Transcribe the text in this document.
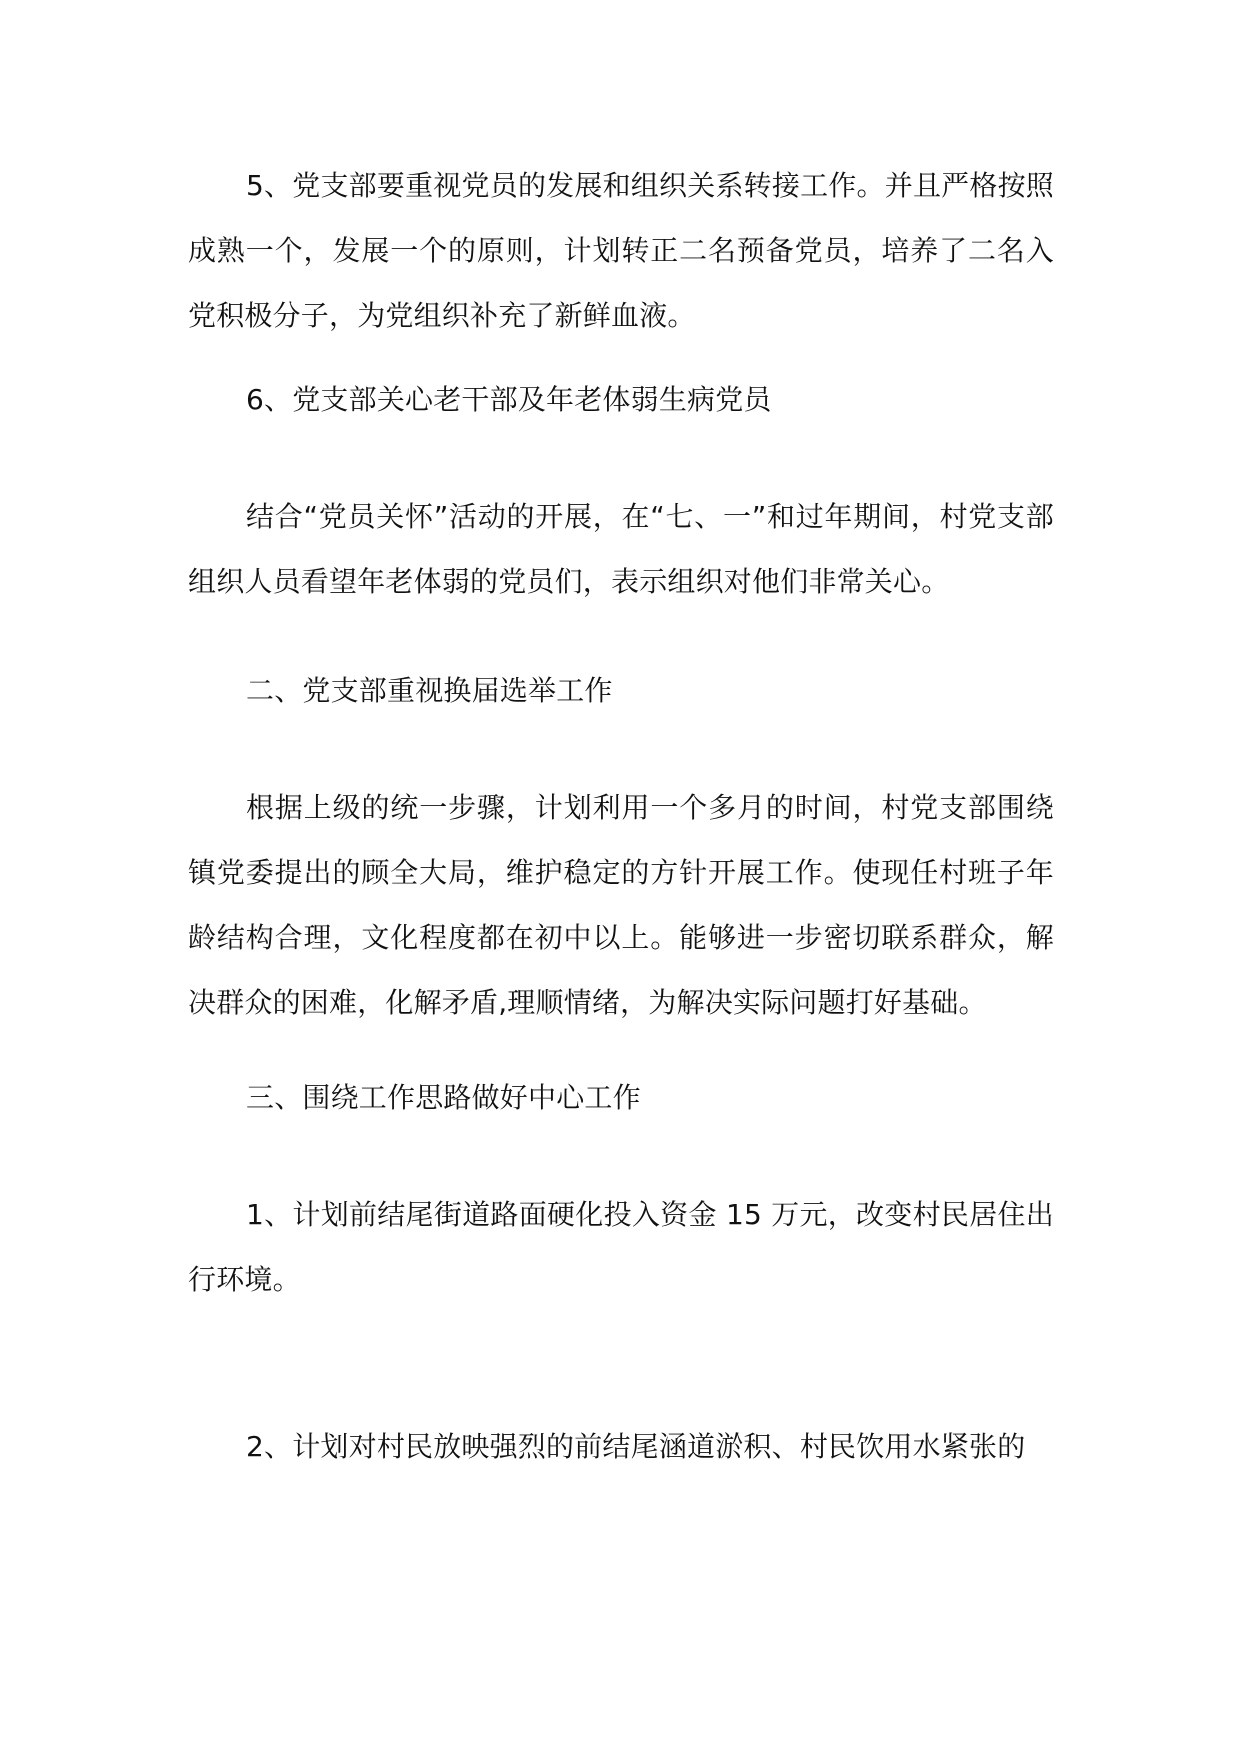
5、党支部要重视党员的发展和组织关系转接工作。并且严格按照成熟一个，发展一个的原则，计划转正二名预备党员，培养了二名入党积极分子，为党组织补充了新鲜血液。

6、党支部关心老干部及年老体弱生病党员

结合“党员关怀”活动的开展，在“七、一”和过年期间，村党支部组织人员看望年老体弱的党员们，表示组织对他们非常关心。

二、党支部重视换届选举工作

根据上级的统一步骤，计划利用一个多月的时间，村党支部围绕镇党委提出的顾全大局，维护稳定的方针开展工作。使现任村班子年龄结构合理，文化程度都在初中以上。能够进一步密切联系群众，解决群众的困难，化解矛盾,理顺情绪，为解决实际问题打好基础。

三、围绕工作思路做好中心工作

1、计划前结尾街道路面硬化投入资金 15 万元，改变村民居住出行环境。

2、计划对村民放映强烈的前结尾涵道淤积、村民饮用水紧张的
